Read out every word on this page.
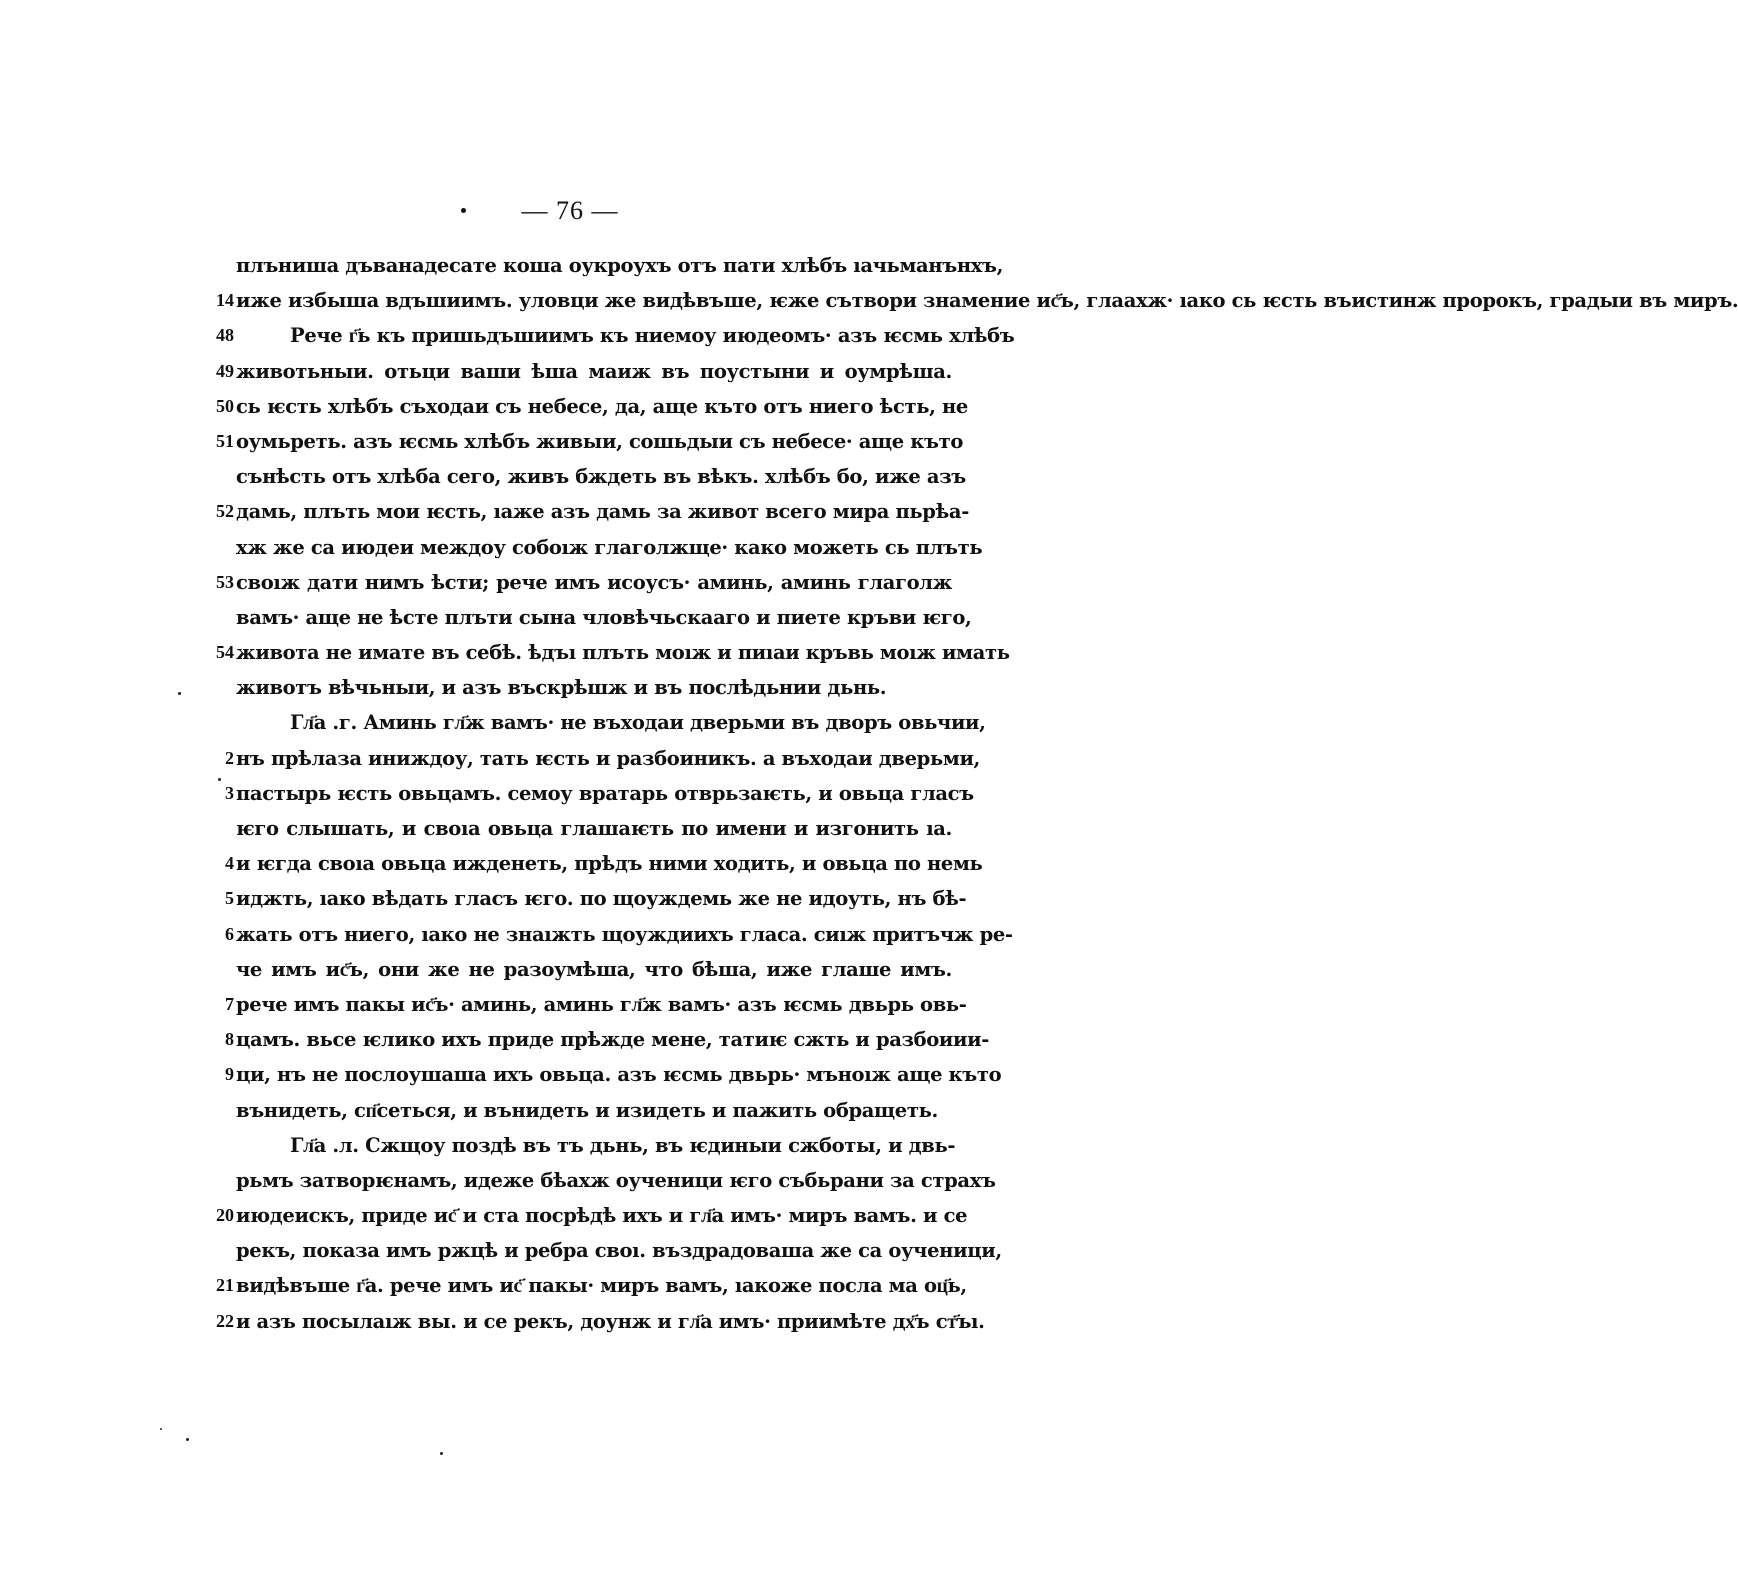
— 76 —
плъниша дъванадесате коша оукроухъ отъ пати хлѣбъ ıачьманънхъ,
14 иже избыша вдъшиимъ. уловци же видѣвъше, ѥже сътвори знамение ис҃ъ, глаахж· ıако сь ѥсть въистинж пророкъ, градыи въ миръ.
48	Рече г҃ь къ пришьдъшиимъ къ ниемоу июдеомъ· азъ ѥсмь хлѣбъ
49 животьныи. отьци ваши ѣша маиж въ поустыни и оумрѣша.
50 сь ѥсть хлѣбъ съходаи съ небесе, да, аще къто отъ ниего ѣсть, не
51 оумьреть. азъ ѥсмь хлѣбъ живыи, сошьдыи съ небесе· аще къто
сънѣсть отъ хлѣба сего, живъ бждеть въ вѣкъ. хлѣбъ бо, иже азъ
52 дамь, плъть мои ѥсть, ıаже азъ дамь за живот всего мира пьрѣа-
хж же са июдеи междоу собоıж глаголжще· како можеть сь плъть
53 своıж дати нимъ ѣсти; рече имъ исоусъ· аминь, аминь глаголж
вамъ· аще не ѣсте плъти сына чловѣчьскааго и пиете кръви ѥго,
54 живота не имате въ себѣ. ѣдъı плъть моıж и пиıаи кръвь моıж имать
животъ вѣчьныи, и азъ въскрѣшж и въ послѣдьнии дьнь.
Гл҃а .г. Аминь гл҃ж вамъ· не въходаи дверьми въ дворъ овьчии,
2 нъ прѣлаза иниждоу, тать ѥсть и разбоиникъ. а въходаи дверьми,
3 пастырь ѥсть овьцамъ. семоу вратарь отврьзаѥть, и овьца гласъ
ѥго слышать, и своıа овьца глашаѥть по имени и изгонить ıа.
4 и ѥгда своıа овьца ижденеть, прѣдъ ними ходить, и овьца по немь
5 иджть, ıако вѣдать гласъ ѥго. по щоуждемь же не идоуть, нъ бѣ-
6 жать отъ ниего, ıако не знаıжть щоуждиихъ гласа. сиıж притъчж ре-
че имъ ис҃ъ, они же не разоумѣша, что бѣша, иже глаше имъ.
7 рече имъ пакы ис҃ъ· аминь, аминь гл҃ж вамъ· азъ ѥсмь двьрь овь-
8 цамъ. вьсе ѥлико ихъ приде прѣжде мене, татиѥ сжть и разбоиии-
9 ци, нъ не послоушаша ихъ овьца. азъ ѥсмь двьрь· мъноıж аще къто
вънидеть, сп҃сеться, и вънидеть и изидеть и пажить обращеть.
Гл҃а .л. Сжщоу поздѣ въ тъ дьнь, въ ѥдиныи сжботы, и двь-
рьмъ затворѥнамъ, идеже бѣахж оученици ѥго събьрани за страхъ
20 июдеискъ, приде ис҃ и ста посрѣдѣ ихъ и гл҃а имъ· миръ вамъ. и се
рекъ, показа имъ ржцѣ и ребра своı. въздрадоваша же са оученици,
21 видѣвъше г҃а. рече имъ ис҃ пакы· миръ вамъ, ıакоже посла ма оц҃ь,
22 и азъ посылаıж вы. и се рекъ, доунж и гл҃а имъ· приимѣте дх҃ъ ст҃ъı.
